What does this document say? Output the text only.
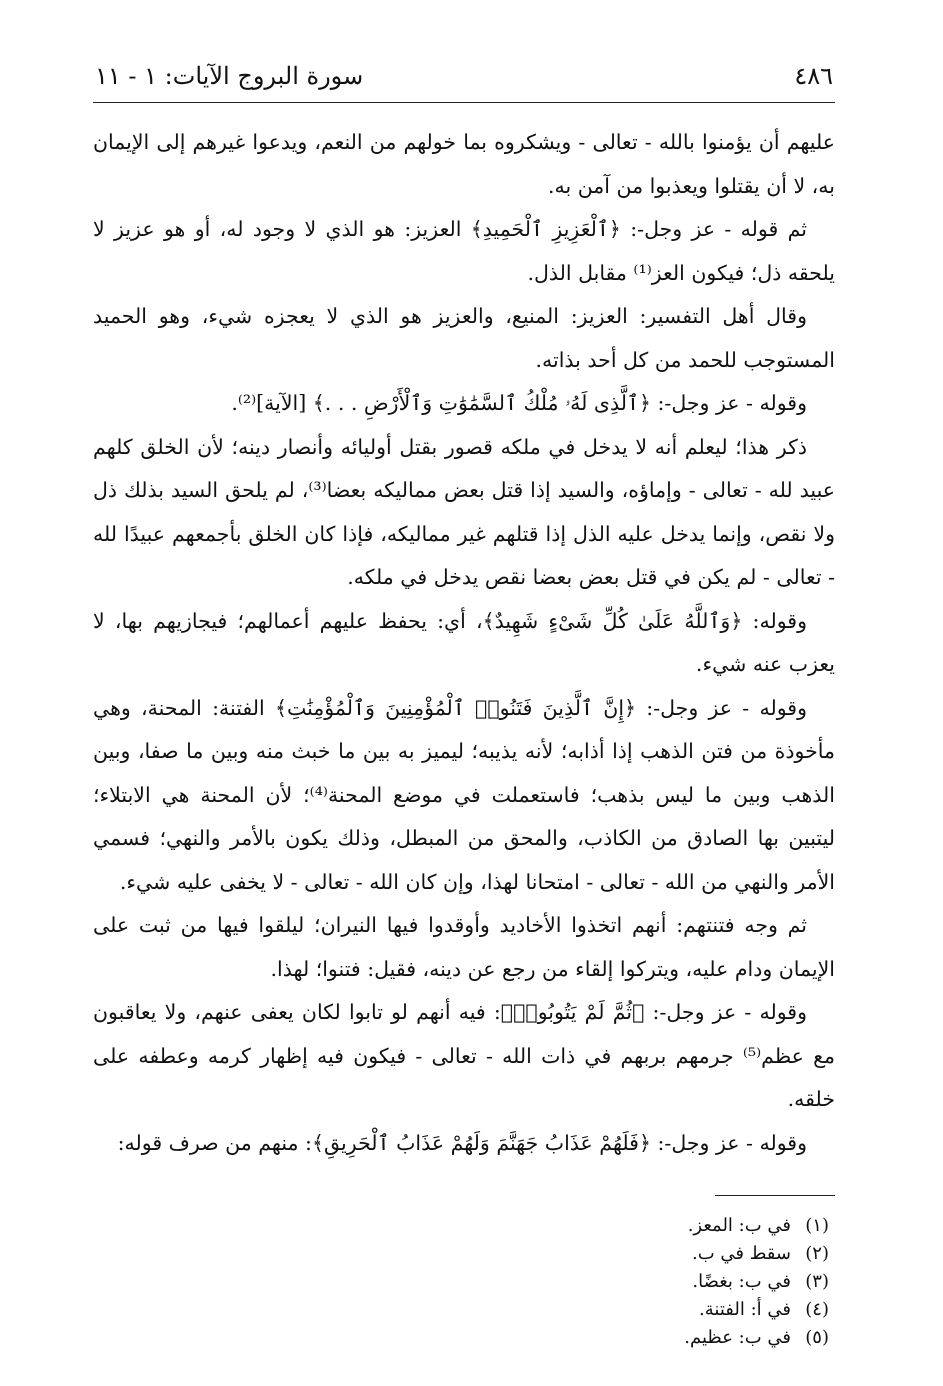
٤٨٦
سورة البروج الآيات: ١ - ١١

عليهم أن يؤمنوا بالله - تعالى - ويشكروه بما خولهم من النعم، ويدعوا غيرهم إلى الإيمان به، لا أن يقتلوا ويعذبوا من آمن به.

ثم قوله - عز وجل-: ﴿ٱلْعَزِيزِ ٱلْحَمِيدِ﴾ العزيز: هو الذي لا وجود له، أو هو عزيز لا يلحقه ذل؛ فيكون العز⁽¹⁾ مقابل الذل.

وقال أهل التفسير: العزيز: المنيع، والعزيز هو الذي لا يعجزه شيء، وهو الحميد المستوجب للحمد من كل أحد بذاته.

وقوله - عز وجل-: ﴿ٱلَّذِى لَهُۥ مُلْكُ ٱلسَّمَٰوَٰتِ وَٱلْأَرْضِ . . .﴾ [الآية]⁽²⁾.

ذكر هذا؛ ليعلم أنه لا يدخل في ملكه قصور بقتل أوليائه وأنصار دينه؛ لأن الخلق كلهم عبيد لله - تعالى - وإماؤه، والسيد إذا قتل بعض مماليكه بعضا⁽³⁾، لم يلحق السيد بذلك ذل ولا نقص، وإنما يدخل عليه الذل إذا قتلهم غير مماليكه، فإذا كان الخلق بأجمعهم عبيدًا لله - تعالى - لم يكن في قتل بعض بعضا نقص يدخل في ملكه.

وقوله: ﴿وَٱللَّهُ عَلَىٰ كُلِّ شَىْءٍ شَهِيدٌ﴾، أي: يحفظ عليهم أعمالهم؛ فيجازيهم بها، لا يعزب عنه شيء.

وقوله - عز وجل-: ﴿إِنَّ ٱلَّذِينَ فَتَنُوا۟ ٱلْمُؤْمِنِينَ وَٱلْمُؤْمِنَٰتِ﴾ الفتنة: المحنة، وهي مأخوذة من فتن الذهب إذا أذابه؛ لأنه يذيبه؛ ليميز به بين ما خبث منه وبين ما صفا، وبين الذهب وبين ما ليس بذهب؛ فاستعملت في موضع المحنة⁽⁴⁾؛ لأن المحنة هي الابتلاء؛ ليتبين بها الصادق من الكاذب، والمحق من المبطل، وذلك يكون بالأمر والنهي؛ فسمي الأمر والنهي من الله - تعالى - امتحانا لهذا، وإن كان الله - تعالى - لا يخفى عليه شيء.

ثم وجه فتنتهم: أنهم اتخذوا الأخاديد وأوقدوا فيها النيران؛ ليلقوا فيها من ثبت على الإيمان ودام عليه، ويتركوا إلقاء من رجع عن دينه، فقيل: فتنوا؛ لهذا.

وقوله - عز وجل-: ﴿ثُمَّ لَمْ يَتُوبُوا۟﴾: فيه أنهم لو تابوا لكان يعفى عنهم، ولا يعاقبون مع عظم⁽⁵⁾ جرمهم بربهم في ذات الله - تعالى - فيكون فيه إظهار كرمه وعطفه على خلقه.

وقوله - عز وجل-: ﴿فَلَهُمْ عَذَابُ جَهَنَّمَ وَلَهُمْ عَذَابُ ٱلْحَرِيقِ﴾: منهم من صرف قوله:

(١)
في ب: المعز.
(٢)
سقط في ب.
(٣)
في ب: بغضًا.
(٤)
في أ: الفتنة.
(٥)
في ب: عظيم.
